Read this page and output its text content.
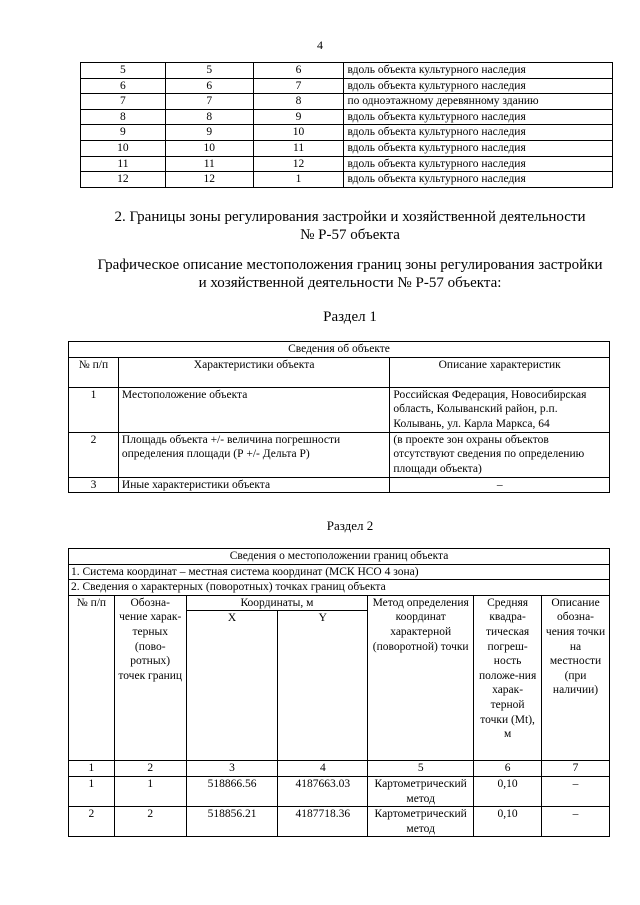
4
5	5	6	вдоль объекта культурного наследия
6	6	7	вдоль объекта культурного наследия
7	7	8	по одноэтажному деревянному зданию
8	8	9	вдоль объекта культурного наследия
9	9	10	вдоль объекта культурного наследия
10	10	11	вдоль объекта культурного наследия
11	11	12	вдоль объекта культурного наследия
12	12	1	вдоль объекта культурного наследия
2. Границы зоны регулирования застройки и хозяйственной деятельности
№ Р-57 объекта
Графическое описание местоположения границ зоны регулирования застройки
и хозяйственной деятельности № Р-57 объекта:
Раздел 1
Сведения об объекте		
№ п/п	Характеристики объекта	Описание характеристик
1	Местоположение объекта	Российская Федерация, Новосибирская область, Колыванский район, р.п. Колывань, ул. Карла Маркса, 64
2	Площадь объекта +/- величина погрешности определения площади (Р +/- Дельта Р)	(в проекте зон охраны объектов отсутствуют сведения по определению площади объекта)
3	Иные характеристики объекта	–
Раздел 2
Сведения о местоположении границ объекта						
1. Система координат – местная система координат (МСК НСО 4 зона)						
2. Сведения о характерных (поворотных) точках границ объекта						
№ п/п	Обозна-чение харак-терных (пово-ротных) точек границ	Координаты, м		Метод определения координат характерной (поворотной) точки	Средняя квадра-тическая погреш-ность положе-ния харак-терной точки (Mt), м	Описание обозна-чения точки на местности (при наличии)
		X	Y			
1	2	3	4	5	6	7
1	1	518866.56	4187663.03	Картометрический метод	0,10	–
2	2	518856.21	4187718.36	Картометрический метод	0,10	–
